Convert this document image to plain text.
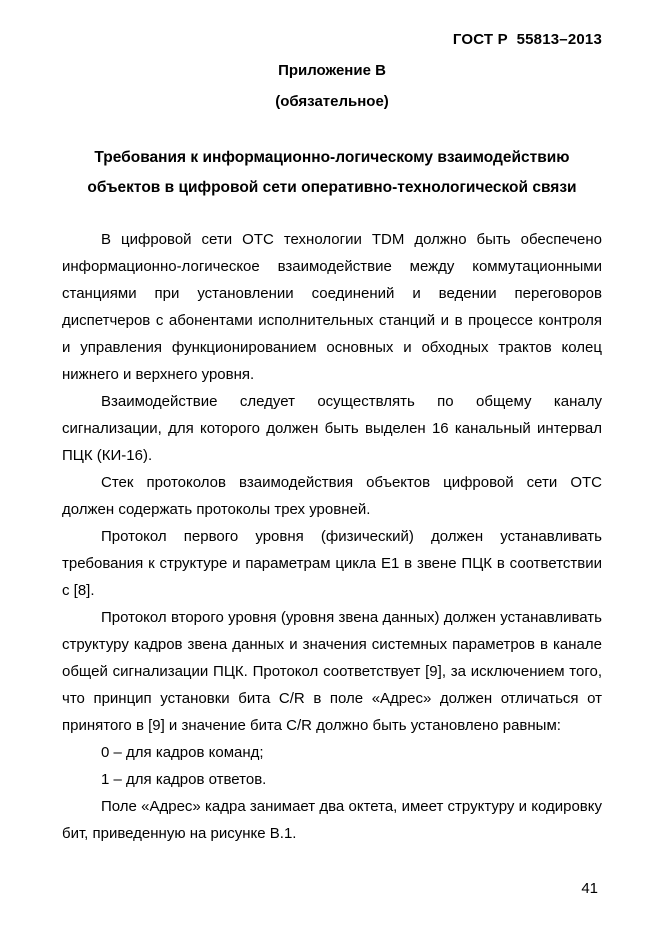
ГОСТ Р  55813–2013
Приложение В
(обязательное)
Требования к информационно-логическому взаимодействию объектов в цифровой сети оперативно-технологической связи

В цифровой сети ОТС технологии TDM должно быть обеспечено информационно-логическое взаимодействие между коммутационными станциями при установлении соединений и ведении переговоров диспетчеров с абонентами исполнительных станций и в процессе контроля и управления функционированием основных и обходных трактов колец нижнего и верхнего уровня.

Взаимодействие следует осуществлять по общему каналу сигнализации, для которого должен быть выделен 16 канальный интервал ПЦК (КИ-16).

Стек протоколов взаимодействия объектов цифровой сети ОТС должен содержать протоколы трех уровней.

Протокол первого уровня (физический) должен устанавливать требования к структуре и параметрам цикла Е1 в звене ПЦК в соответствии с [8].

Протокол второго уровня (уровня звена данных) должен устанавливать структуру кадров звена данных и значения системных параметров в канале общей сигнализации ПЦК. Протокол соответствует [9], за исключением того, что принцип установки бита C/R в поле «Адрес» должен отличаться от принятого в [9] и значение бита C/R должно быть установлено равным:

0 – для кадров команд;

1 – для кадров ответов.

Поле «Адрес» кадра занимает два октета, имеет структуру и кодировку бит, приведенную на рисунке В.1.

41
